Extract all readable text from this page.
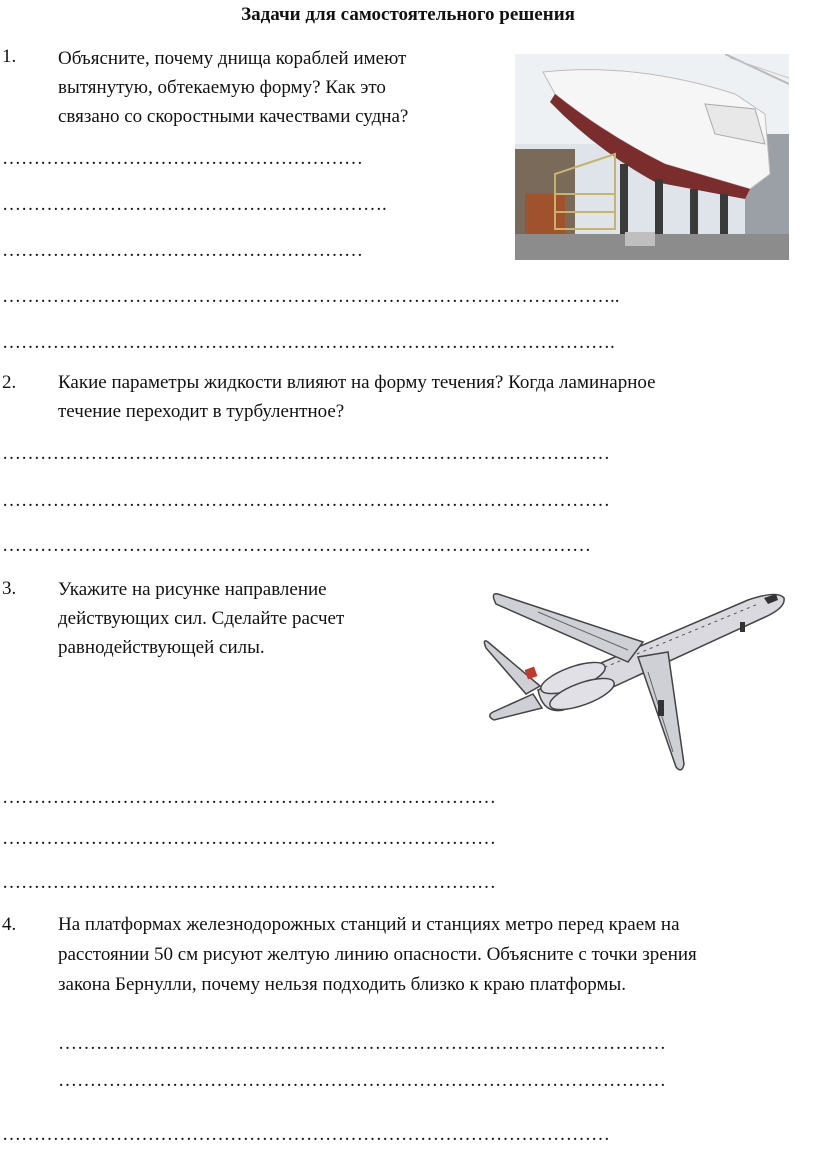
Задачи для самостоятельного решения
1. Объясните, почему днища кораблей имеют
вытянутую, обтекаемую форму? Как это
связано со скоростными качествами судна?
…………………………………………………
…………………………………………………….
…………………………………………………
……………………………………………………………………………………..
…………………………………………………………………………………….
2. Какие параметры жидкости влияют на форму течения? Когда ламинарное
течение переходит в турбулентное?
……………………………………………………………………………………
……………………………………………………………………………………
…………………………………………………………………………………
3. Укажите на рисунке направление
действующих сил. Сделайте расчет
равнодействующей силы.
……………………………………………………………………
……………………………………………………………………
……………………………………………………………………
4. На платформах железнодорожных станций и станциях метро перед краем на
расстоянии 50 см рисуют желтую линию опасности. Объясните с точки зрения
закона Бернулли, почему нельзя подходить близко к краю платформы.
……………………………………………………………………………………
……………………………………………………………………………………
……………………………………………………………………………………
